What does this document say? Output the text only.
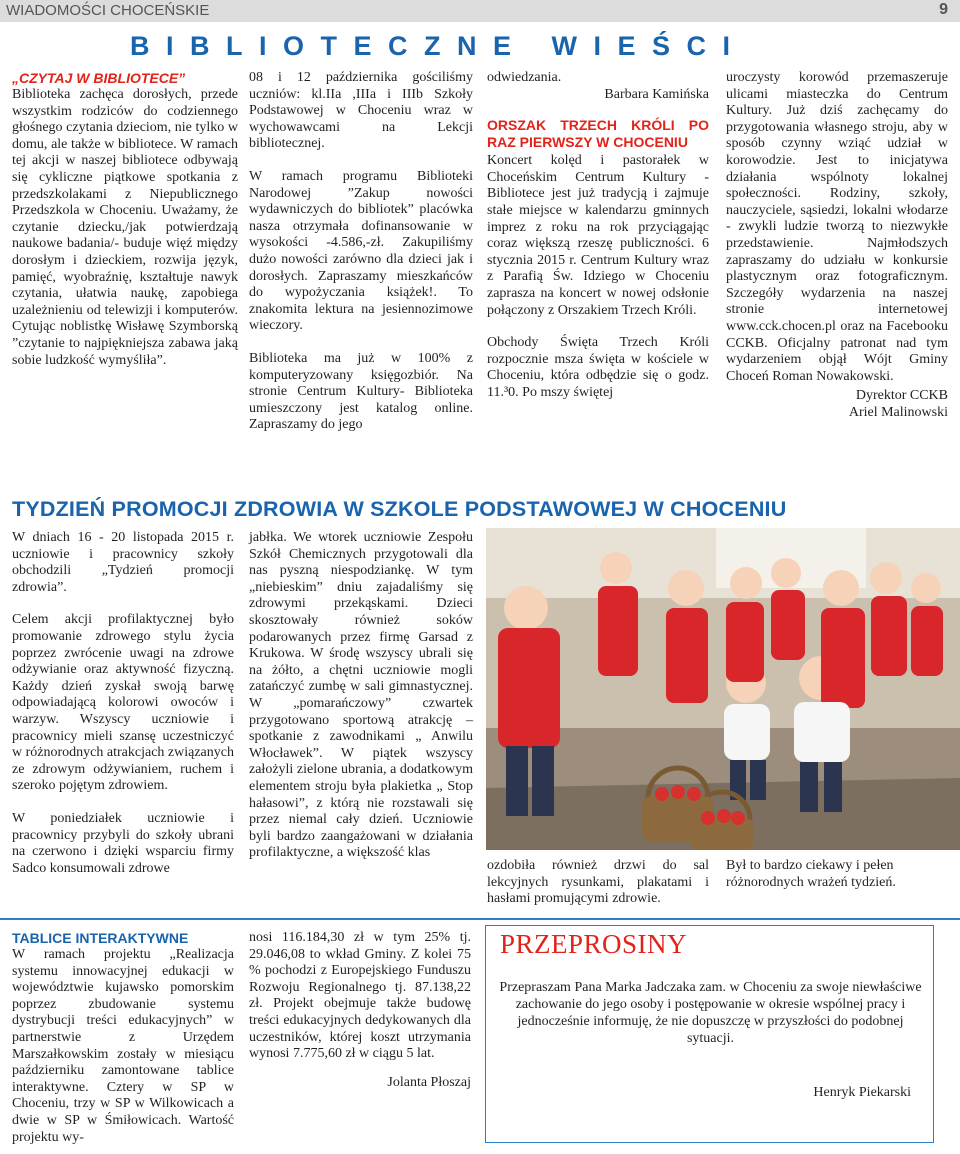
WIADOMOŚCI CHOCEŃSKIE	9
BIBLIOTECZNE WIEŚCI
„CZYTAJ W BIBLIOTECE”

Biblioteka zachęca dorosłych, przede wszystkim rodziców do codziennego głośnego czytania dzieciom, nie tylko w domu, ale także w bibliotece. W ramach tej akcji w naszej bibliotece odbywają się cykliczne piątkowe spotkania z przedszkolakami z Niepublicznego Przedszkola w Choceniu. Uważamy, że czytanie dziecku,/jak potwierdzają naukowe badania/- buduje więź między dorosłym i dzieckiem, rozwija język, pamięć, wyobraźnię, kształtuje nawyk czytania, ułatwia naukę, zapobiega uzależnieniu od telewizji i komputerów. Cytując noblistkę Wisławę Szymborską ”czytanie to najpiękniejsza zabawa jaką sobie ludzkość wymyśliła”.

08 i 12 października gościliśmy uczniów: kl.IIa ,IIIa i IIIb Szkoły Podstawowej w Choceniu wraz w wychowawcami na Lekcji bibliotecznej.

W ramach programu Biblioteki Narodowej ”Zakup nowości wydawniczych do bibliotek” placówka nasza otrzymała dofinansowanie w wysokości -4.586,-zł. Zakupiliśmy dużo nowości zarówno dla dzieci jak i dorosłych. Zapraszamy mieszkańców do wypożyczania książek!. To znakomita lektura na jesiennozimowe wieczory.

Biblioteka ma już w 100% z komputeryzowany księgozbiór. Na stronie Centrum Kultury- Biblioteka umieszczony jest katalog online. Zapraszamy do jego

odwiedzania.

Barbara Kamińska

ORSZAK TRZECH KRÓLI PO RAZ PIERWSZY W CHOCENIU

Koncert kolęd i pastorałek w Choceńskim Centrum Kultury - Bibliotece jest już tradycją i zajmuje stałe miejsce w kalendarzu gminnych imprez z roku na rok przyciągając coraz większą rzeszę publiczności. 6 stycznia 2015 r. Centrum Kultury wraz z Parafią Św. Idziego w Choceniu zaprasza na koncert w nowej odsłonie połączony z Orszakiem Trzech Króli.

Obchody Święta Trzech Króli rozpocznie msza święta w kościele w Choceniu, która odbędzie się o godz. 11.³0. Po mszy świętej

uroczysty korowód przemaszeruje ulicami miasteczka do Centrum Kultury. Już dziś zachęcamy do przygotowania własnego stroju, aby w sposób czynny wziąć udział w korowodzie. Jest to inicjatywa działania wspólnoty lokalnej społeczności. Rodziny, szkoły, nauczyciele, sąsiedzi, lokalni włodarze - zwykli ludzie tworzą to niezwykłe przedstawienie. Najmłodszych zapraszamy do udziału w konkursie plastycznym oraz fotograficznym. Szczegóły wydarzenia na naszej stronie internetowej www.cck.chocen.pl oraz na Facebooku CCKB. Oficjalny patronat nad tym wydarzeniem objął Wójt Gminy Choceń Roman Nowakowski.

Dyrektor CCKB

Ariel Malinowski

TYDZIEŃ PROMOCJI ZDROWIA W SZKOLE PODSTAWOWEJ W CHOCENIU

W dniach 16 - 20 listopada 2015 r. uczniowie i pracownicy szkoły obchodzili „Tydzień promocji zdrowia”.

Celem akcji profilaktycznej było promowanie zdrowego stylu życia poprzez zwrócenie uwagi na zdrowe odżywianie oraz aktywność fizyczną. Każdy dzień zyskał swoją barwę odpowiadającą kolorowi owoców i warzyw. Wszyscy uczniowie i pracownicy mieli szansę uczestniczyć w różnorodnych atrakcjach związanych ze zdrowym odżywianiem, ruchem i szeroko pojętym zdrowiem.

W poniedziałek uczniowie i pracownicy przybyli do szkoły ubrani na czerwono i dzięki wsparciu firmy Sadco konsumowali zdrowe

jabłka. We wtorek uczniowie Zespołu Szkół Chemicznych przygotowali dla nas pyszną niespodziankę. W tym „niebieskim” dniu zajadaliśmy się zdrowymi przekąskami. Dzieci skosztowały również soków podarowanych przez firmę Garsad z Krukowa. W środę wszyscy ubrali się na żółto, a chętni uczniowie mogli zatańczyć zumbę w sali gimnastycznej. W „pomarańczowy” czwartek przygotowano sportową atrakcję – spotkanie z zawodnikami „ Anwilu Włocławek”. W piątek wszyscy założyli zielone ubrania, a dodatkowym elementem stroju była plakietka „ Stop hałasowi”, z którą nie rozstawali się przez niemal cały dzień. Uczniowie byli bardzo zaangażowani w działania profilaktyczne, a większość klas

ozdobiła również drzwi do sal lekcyjnych rysunkami, plakatami i hasłami promującymi zdrowie.

Był to bardzo ciekawy i pełen różnorodnych wrażeń tydzień.

TABLICE INTERAKTYWNE

W ramach projektu „Realizacja systemu innowacyjnej edukacji w województwie kujawsko pomorskim poprzez zbudowanie systemu dystrybucji treści edukacyjnych” w partnerstwie z Urzędem Marszałkowskim zostały w miesiącu październiku zamontowane tablice interaktywne. Cztery w SP w Choceniu, trzy w SP w Wilkowicach a dwie w SP w Śmiłowicach. Wartość projektu wy-

nosi 116.184,30 zł w tym 25% tj. 29.046,08 to wkład Gminy. Z kolei 75 % pochodzi z Europejskiego Funduszu Rozwoju Regionalnego tj. 87.138,22 zł. Projekt obejmuje także budowę treści edukacyjnych dedykowanych dla uczestników, której koszt utrzymania wynosi 7.775,60 zł w ciągu 5 lat.

Jolanta Płoszaj

PRZEPROSINY
Przepraszam Pana Marka Jadczaka zam. w Choceniu za swoje niewłaściwe zachowanie do jego osoby i postępowanie w okresie wspólnej pracy i jednocześnie informuję, że nie dopuszczę w przyszłości do podobnej sytuacji.
Henryk Piekarski
